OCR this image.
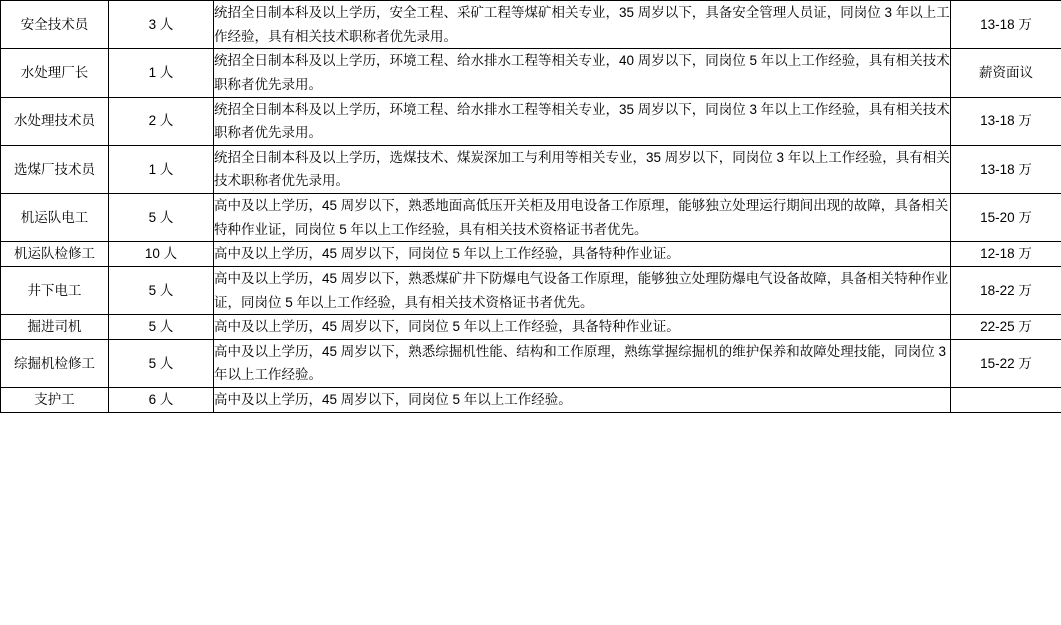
安全技术员	3 人	统招全日制本科及以上学历，安全工程、采矿工程等煤矿相关专业，35 周岁以下，具备安全管理人员证，同岗位 3 年以上工作经验，具有相关技术职称者优先录用。	13-18 万
水处理厂长	1 人	统招全日制本科及以上学历，环境工程、给水排水工程等相关专业，40 周岁以下，同岗位 5 年以上工作经验，具有相关技术职称者优先录用。	薪资面议
水处理技术员	2 人	统招全日制本科及以上学历，环境工程、给水排水工程等相关专业，35 周岁以下，同岗位 3 年以上工作经验，具有相关技术职称者优先录用。	13-18 万
选煤厂技术员	1 人	统招全日制本科及以上学历，选煤技术、煤炭深加工与利用等相关专业，35 周岁以下，同岗位 3 年以上工作经验，具有相关技术职称者优先录用。	13-18 万
机运队电工	5 人	高中及以上学历，45 周岁以下，熟悉地面高低压开关柜及用电设备工作原理，能够独立处理运行期间出现的故障，具备相关特种作业证，同岗位 5 年以上工作经验，具有相关技术资格证书者优先。	15-20 万
机运队检修工	10 人	高中及以上学历，45 周岁以下，同岗位 5 年以上工作经验，具备特种作业证。	12-18 万
井下电工	5 人	高中及以上学历，45 周岁以下，熟悉煤矿井下防爆电气设备工作原理，能够独立处理防爆电气设备故障，具备相关特种作业证，同岗位 5 年以上工作经验，具有相关技术资格证书者优先。	18-22 万
掘进司机	5 人	高中及以上学历，45 周岁以下，同岗位 5 年以上工作经验，具备特种作业证。	22-25 万
综掘机检修工	5 人	高中及以上学历，45 周岁以下，熟悉综掘机性能、结构和工作原理，熟练掌握综掘机的维护保养和故障处理技能，同岗位 3 年以上工作经验。	15-22 万
支护工	6 人	高中及以上学历，45 周岁以下，同岗位 5 年以上工作经验。	
